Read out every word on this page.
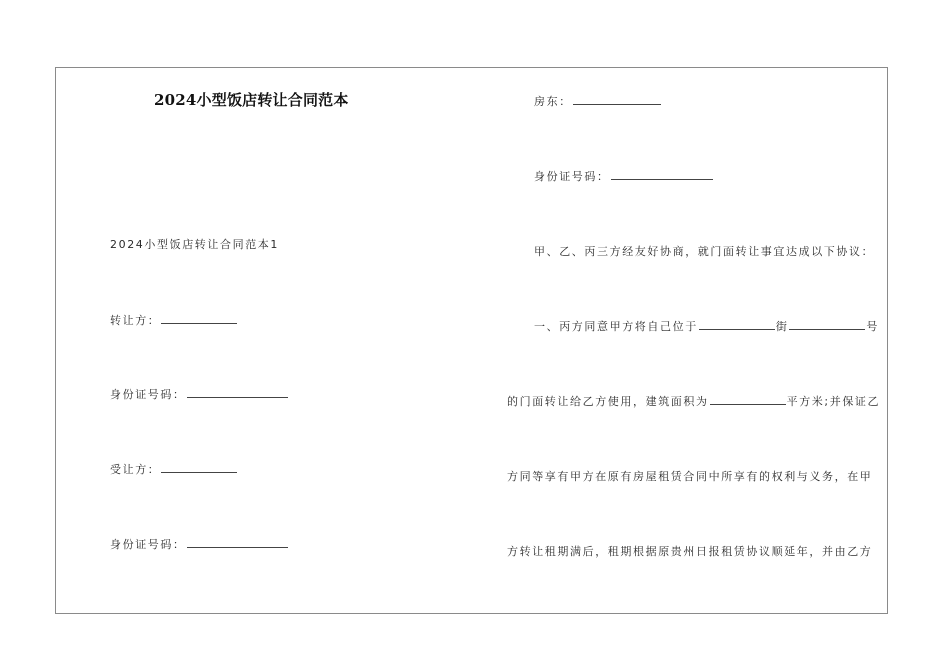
2024小型饭店转让合同范本
2024小型饭店转让合同范本1
转让方：
身份证号码：
受让方：
身份证号码：
房东：
身份证号码：
甲、乙、丙三方经友好协商，就门面转让事宜达成以下协议：
一、丙方同意甲方将自己位于	街	号
的门面转让给乙方使用，建筑面积为	平方米;并保证乙
方同等享有甲方在原有房屋租赁合同中所享有的权利与义务，在甲
方转让租期满后，租期根据原贵州日报租赁协议顺延年，并由乙方
